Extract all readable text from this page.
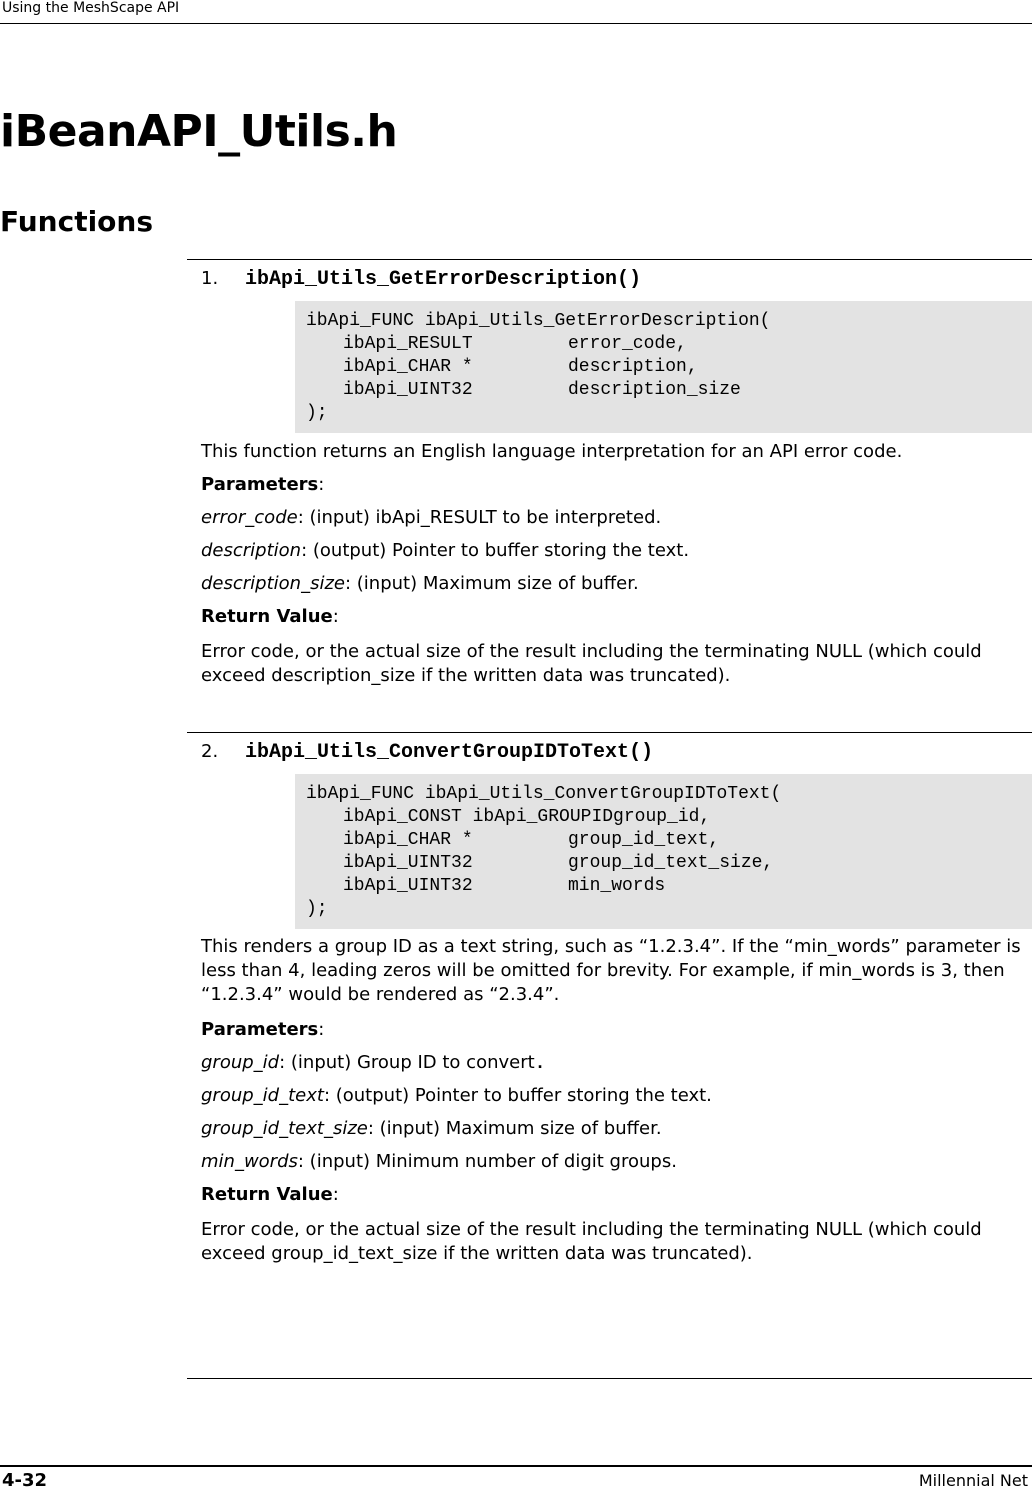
Using the MeshScape API
iBeanAPI_Utils.h
Functions
1. ibApi_Utils_GetErrorDescription()
ibApi_FUNC ibApi_Utils_GetErrorDescription(
ibApi_RESULT	error_code,
ibApi_CHAR *	description,
ibApi_UINT32	description_size
);
This function returns an English language interpretation for an API error code.
Parameters:
error_code: (input) ibApi_RESULT to be interpreted.
description: (output) Pointer to buffer storing the text.
description_size: (input) Maximum size of buffer.
Return Value:
Error code, or the actual size of the result including the terminating NULL (which could exceed description_size if the written data was truncated).
2. ibApi_Utils_ConvertGroupIDToText()
ibApi_FUNC ibApi_Utils_ConvertGroupIDToText(
ibApi_CONST ibApi_GROUPIDgroup_id,
ibApi_CHAR *	group_id_text,
ibApi_UINT32	group_id_text_size,
ibApi_UINT32	min_words
);
This renders a group ID as a text string, such as “1.2.3.4”. If the “min_words” parameter is less than 4, leading zeros will be omitted for brevity. For example, if min_words is 3, then “1.2.3.4” would be rendered as “2.3.4”.
Parameters:
group_id: (input) Group ID to convert.
group_id_text: (output) Pointer to buffer storing the text.
group_id_text_size: (input) Maximum size of buffer.
min_words: (input) Minimum number of digit groups.
Return Value:
Error code, or the actual size of the result including the terminating NULL (which could exceed group_id_text_size if the written data was truncated).
4-32	Millennial Net
